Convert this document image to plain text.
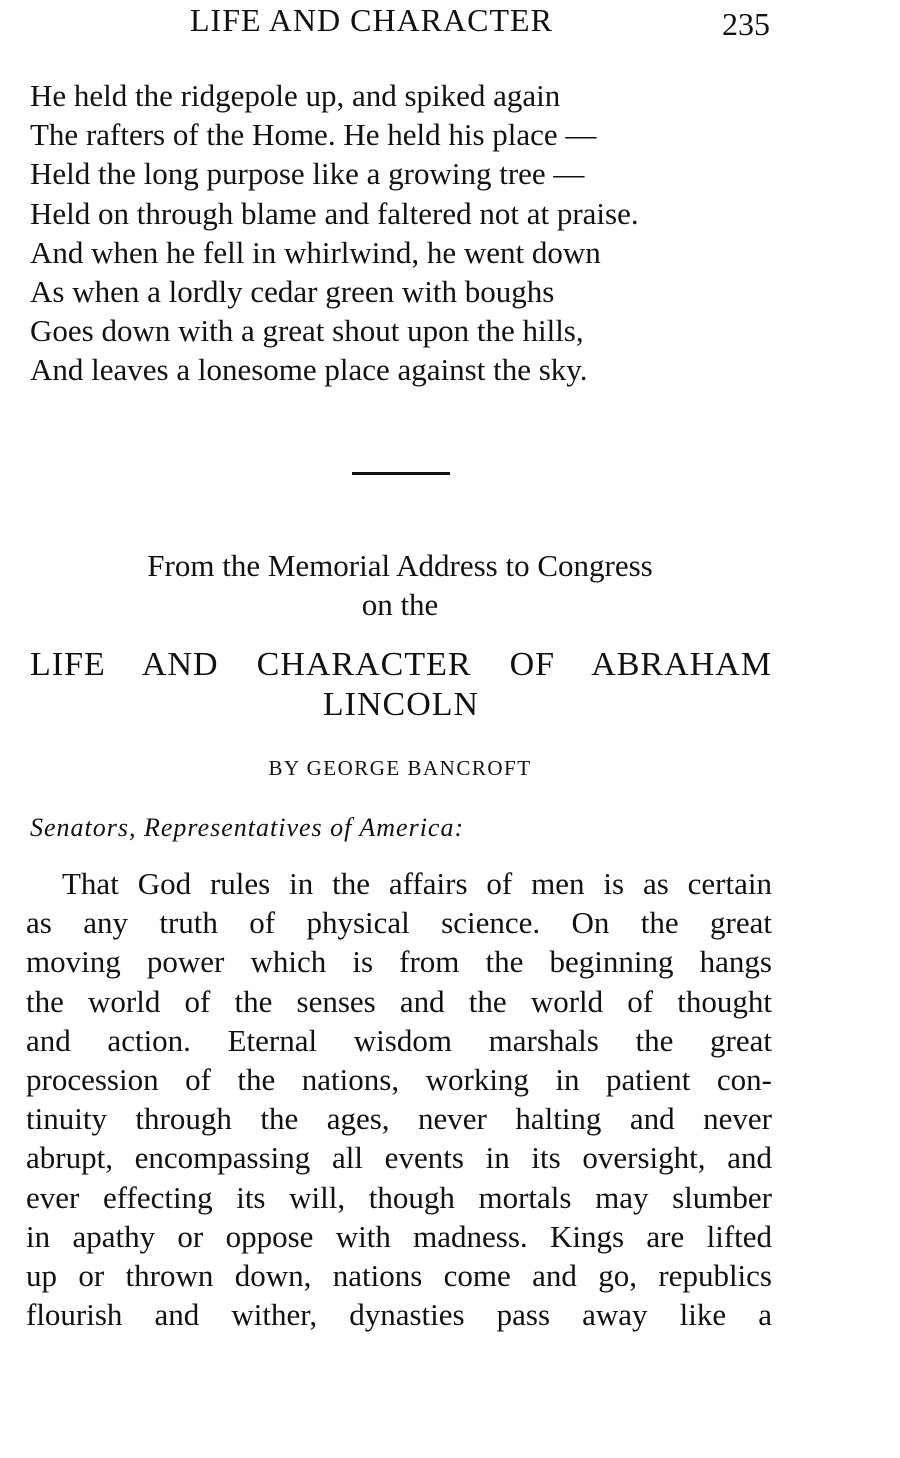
LIFE AND CHARACTER	235
He held the ridgepole up, and spiked again
The rafters of the Home. He held his place —
Held the long purpose like a growing tree —
Held on through blame and faltered not at praise.
And when he fell in whirlwind, he went down
As when a lordly cedar green with boughs
Goes down with a great shout upon the hills,
And leaves a lonesome place against the sky.
From the Memorial Address to Congress
on the
LIFE AND CHARACTER OF ABRAHAM
LINCOLN
BY GEORGE BANCROFT
Senators, Representatives of America:
That God rules in the affairs of men is as certain
as any truth of physical science. On the great
moving power which is from the beginning hangs
the world of the senses and the world of thought
and action. Eternal wisdom marshals the great
procession of the nations, working in patient con-
tinuity through the ages, never halting and never
abrupt, encompassing all events in its oversight, and
ever effecting its will, though mortals may slumber
in apathy or oppose with madness. Kings are lifted
up or thrown down, nations come and go, republics
flourish and wither, dynasties pass away like a
